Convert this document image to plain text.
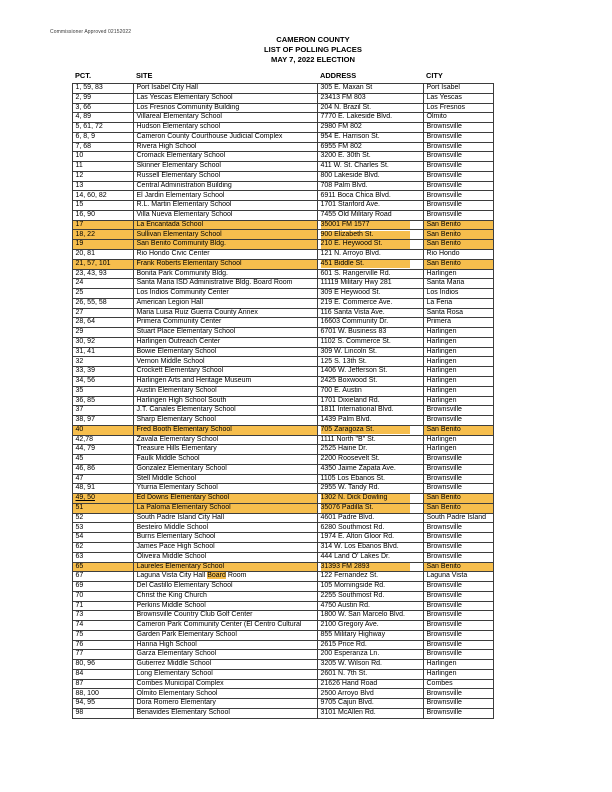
Commissioner Approved 02152022
CAMERON COUNTY
LIST OF POLLING PLACES
MAY 7, 2022 ELECTION
PCT.	SITE	ADDRESS	CITY
1, 59, 83	Port Isabel City Hall	305 E. Maxan St	Port Isabel
2, 99	Las Yescas Elementary School	23413 FM 803	Las Yescas
3, 66	Los Fresnos Community Building	204 N. Brazil St.	Los Fresnos
4, 89	Villareal Elementary School	7770 E. Lakeside Blvd.	Olmito
5, 61, 72	Hudson Elementary school	2980 FM 802	Brownsville
6, 8, 9	Cameron County Courthouse Judicial Complex	954 E. Harrison St.	Brownsville
7, 68	Rivera High School	6955 FM 802	Brownsville
10	Cromack Elementary School	3200 E. 30th St.	Brownsville
11	Skinner Elementary School	411 W. St. Charles St.	Brownsville
12	Russell Elementary School	800 Lakeside Blvd.	Brownsville
13	Central Administration Building	708 Palm Blvd.	Brownsville
14, 60, 82	El Jardin Elementary School	6911 Boca Chica Blvd.	Brownsville
15	R.L. Martin Elementary School	1701 Stanford Ave.	Brownsville
16, 90	Villa Nueva Elementary School	7455 Old Military Road	Brownsville
17	La Encantada School	35001 FM 1577	San Benito
18, 22	Sullivan Elementary School	900 Elizabeth St.	San Benito
19	San Benito Community Bldg.	210 E. Heywood St.	San Benito
20, 81	Rio Hondo Civic Center	121 N. Arroyo Blvd.	Rio Hondo
21, 57, 101	Frank Roberts Elementary School	451 Biddle St.	San Benito
23, 43, 93	Bonita Park Community Bldg.	601 S. Rangerville Rd.	Harlingen
24	Santa Maria ISD Administrative Bldg. Board Room	11119 Military Hwy 281	Santa Maria
25	Los Indios Community Center	309 E Heywood St.	Los Indios
26, 55, 58	American Legion Hall	219 E. Commerce Ave.	La Feria
27	Maria Luisa Ruiz Guerra County Annex	116 Santa Vista Ave.	Santa Rosa
28, 64	Primera Community Center	16603 Community Dr.	Primera
29	Stuart Place Elementary School	6701 W. Business 83	Harlingen
30, 92	Harlingen Outreach Center	1102 S. Commerce St.	Harlingen
31, 41	Bowie Elementary School	309 W. Lincoln St.	Harlingen
32	Vernon Middle School	125 S. 13th St.	Harlingen
33, 39	Crockett Elementary School	1406 W. Jefferson St.	Harlingen
34, 56	Harlingen Arts and Heritage Museum	2425 Boxwood St.	Harlingen
35	Austin Elementary School	700 E. Austin	Harlingen
36, 85	Harlingen High School South	1701 Dixieland Rd.	Harlingen
37	J.T. Canales Elementary School	1811 International Blvd.	Brownsville
38, 97	Sharp Elementary School	1439 Palm Blvd.	Brownsville
40	Fred Booth Elementary School	705 Zaragoza St.	San Benito
42,78	Zavala Elementary School	1111 North "B" St.	Harlingen
44, 79	Treasure Hills Elementary	2525 Haine Dr.	Harlingen
45	Faulk Middle School	2200 Roosevelt St.	Brownsville
46, 86	Gonzalez Elementary School	4350 Jaime Zapata Ave.	Brownsville
47	Stell Middle School	1105 Los Ebanos St.	Brownsville
48, 91	Yturria Elementary School	2955 W. Tandy Rd.	Brownsville
49, 50	Ed Downs Elementary School	1302 N. Dick Dowling	San Benito
51	La Paloma Elementary School	35076 Padilla St.	San Benito
52	South Padre Island City Hall	4601 Padre Blvd.	South Padre Island
53	Besteiro Middle School	6280 Southmost Rd.	Brownsville
54	Burns Elementary School	1974 E. Alton Gloor Rd.	Brownsville
62	James Pace High School	314 W. Los Ebanos Blvd.	Brownsville
63	Oliveira Middle School	444 Land O' Lakes Dr.	Brownsville
65	Laureles Elementary School	31393 FM 2893	San Benito
67	Laguna Vista City Hall Board Room	122 Fernandez St.	Laguna Vista
69	Del Castillo Elementary School	105 Morningside Rd.	Brownsville
70	Christ the King Church	2255 Southmost Rd.	Brownsville
71	Perkins Middle School	4750 Austin Rd.	Brownsville
73	Brownsville Country Club Golf Center	1800 W. San Marcelo Blvd.	Brownsville
74	Cameron Park Community Center (El Centro Cultural	2100 Gregory Ave.	Brownsville
75	Garden Park Elementary School	855 Military Highway	Brownsville
76	Hanna High School	2615 Price Rd.	Brownsville
77	Garza Elementary School	200 Esperanza Ln.	Brownsville
80, 96	Gutierrez Middle School	3205 W. Wilson Rd.	Harlingen
84	Long Elementary School	2601 N. 7th St.	Harlingen
87	Combes Municipal Complex	21626 Hand Road	Combes
88, 100	Olmito Elementary School	2500 Arroyo Blvd	Brownsville
94, 95	Dora Romero Elementary	9705 Cajun Blvd.	Brownsville
98	Benavides Elementary School	3101 McAllen Rd.	Brownsville
